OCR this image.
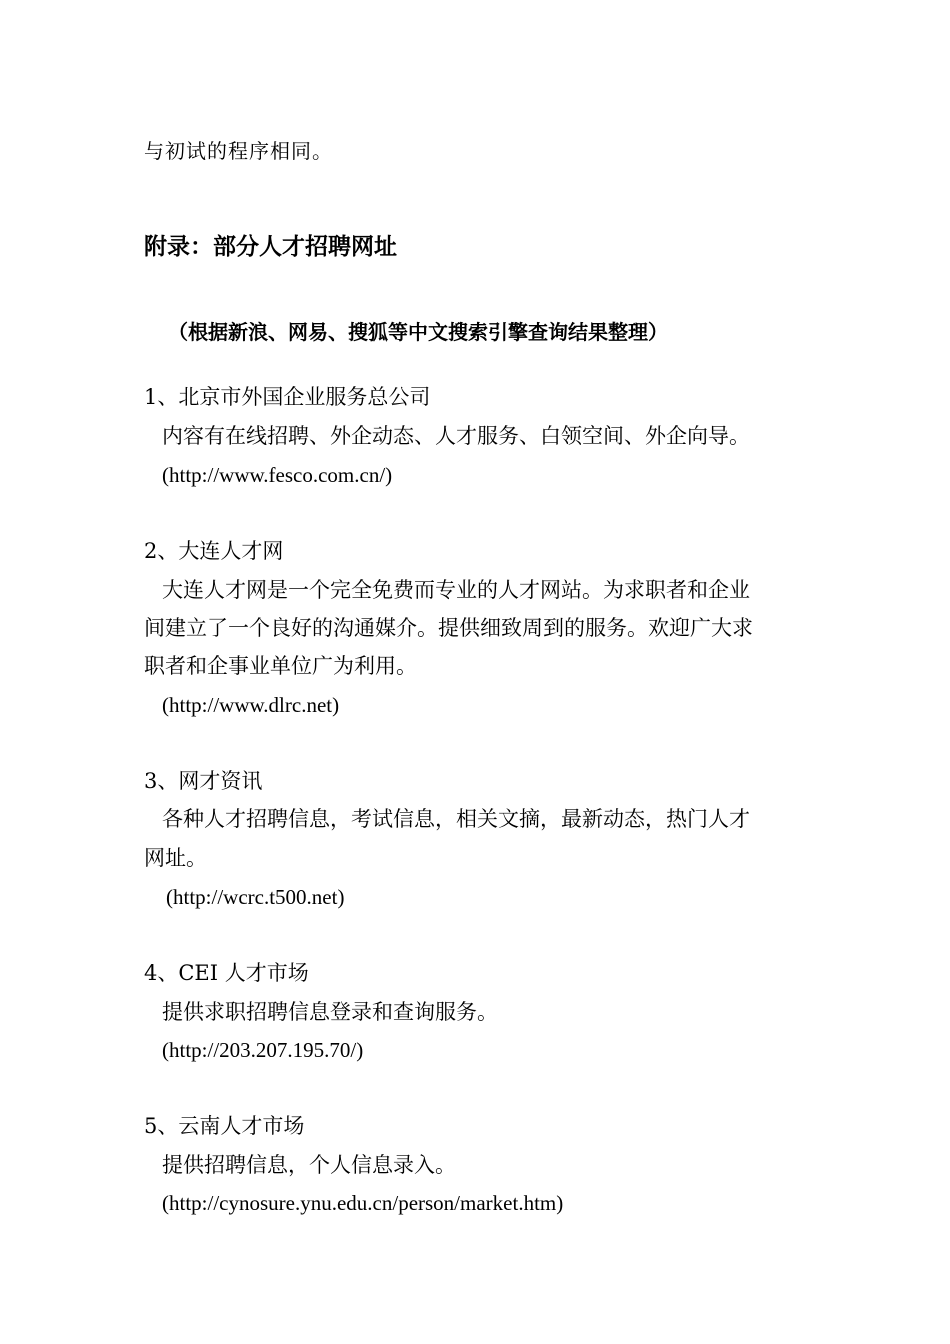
与初试的程序相同。
附录：部分人才招聘网址
（根据新浪、网易、搜狐等中文搜索引擎查询结果整理）
1、北京市外国企业服务总公司
内容有在线招聘、外企动态、人才服务、白领空间、外企向导。
(http://www.fesco.com.cn/)
2、大连人才网
大连人才网是一个完全免费而专业的人才网站。为求职者和企业
间建立了一个良好的沟通媒介。提供细致周到的服务。欢迎广大求
职者和企事业单位广为利用。
(http://www.dlrc.net)
3、网才资讯
各种人才招聘信息，考试信息，相关文摘，最新动态，热门人才
网址。
(http://wcrc.t500.net)
4、CEI 人才市场
提供求职招聘信息登录和查询服务。
(http://203.207.195.70/)
5、云南人才市场
提供招聘信息，个人信息录入。
(http://cynosure.ynu.edu.cn/person/market.htm)
